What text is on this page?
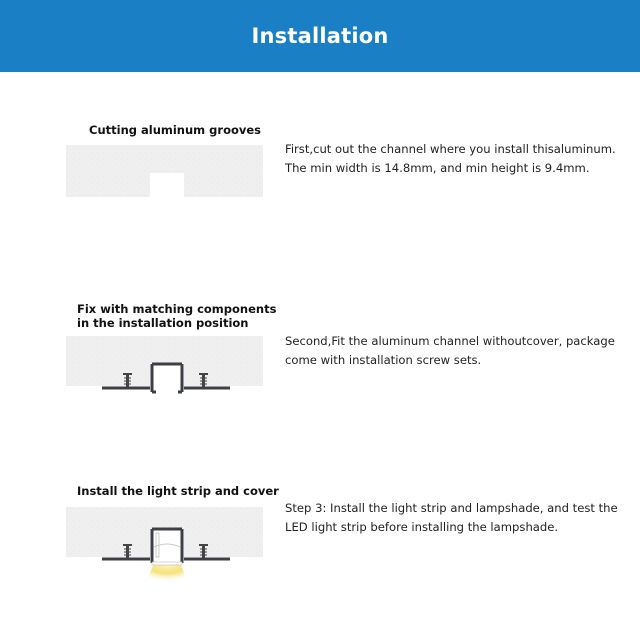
Installation
Cutting aluminum grooves
First,cut out the channel where you install thisaluminum. The min width is 14.8mm, and min height is 9.4mm.
Fix with matching components
in the installation position
Second,Fit the aluminum channel withoutcover, package come with installation screw sets.
Install the light strip and cover
Step 3: Install the light strip and lampshade, and test the LED light strip before installing the lampshade.
